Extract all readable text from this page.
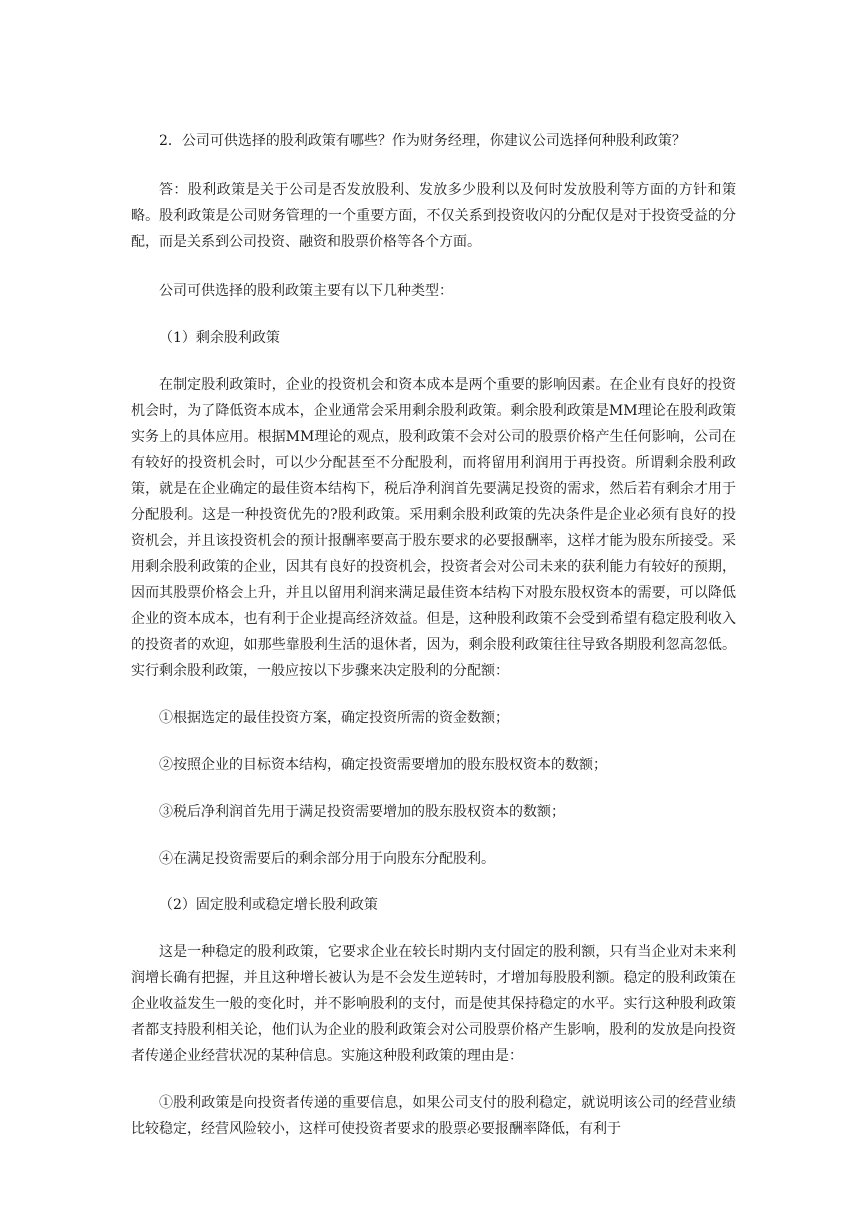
2．公司可供选择的股利政策有哪些？作为财务经理，你建议公司选择何种股利政策？

答：股利政策是关于公司是否发放股利、发放多少股利以及何时发放股利等方面的方针和策略。股利政策是公司财务管理的一个重要方面，不仅关系到投资收闪的分配仅是对于投资受益的分配，而是关系到公司投资、融资和股票价格等各个方面。

公司可供选择的股利政策主要有以下几种类型：

（1）剩余股利政策

在制定股利政策时，企业的投资机会和资本成本是两个重要的影响因素。在企业有良好的投资机会时，为了降低资本成本，企业通常会采用剩余股利政策。剩余股利政策是MM理论在股利政策实务上的具体应用。根据MM理论的观点，股利政策不会对公司的股票价格产生任何影响，公司在有较好的投资机会时，可以少分配甚至不分配股利，而将留用利润用于再投资。所谓剩余股利政策，就是在企业确定的最佳资本结构下，税后净利润首先要满足投资的需求，然后若有剩余才用于分配股利。这是一种投资优先的?股利政策。采用剩余股利政策的先决条件是企业必须有良好的投资机会，并且该投资机会的预计报酬率要高于股东要求的必要报酬率，这样才能为股东所接受。采用剩余股利政策的企业，因其有良好的投资机会，投资者会对公司未来的获利能力有较好的预期，因而其股票价格会上升，并且以留用利润来满足最佳资本结构下对股东股权资本的需要，可以降低企业的资本成本，也有利于企业提高经济效益。但是，这种股利政策不会受到希望有稳定股利收入的投资者的欢迎，如那些靠股利生活的退休者，因为，剩余股利政策往往导致各期股利忽高忽低。实行剩余股利政策，一般应按以下步骤来决定股利的分配额：

①根据选定的最佳投资方案，确定投资所需的资金数额；

②按照企业的目标资本结构，确定投资需要增加的股东股权资本的数额；

③税后净利润首先用于满足投资需要增加的股东股权资本的数额；

④在满足投资需要后的剩余部分用于向股东分配股利。

（2）固定股利或稳定增长股利政策

这是一种稳定的股利政策，它要求企业在较长时期内支付固定的股利额，只有当企业对未来利润增长确有把握，并且这种增长被认为是不会发生逆转时，才增加每股股利额。稳定的股利政策在企业收益发生一般的变化时，并不影响股利的支付，而是使其保持稳定的水平。实行这种股利政策者都支持股利相关论，他们认为企业的股利政策会对公司股票价格产生影响，股利的发放是向投资者传递企业经营状况的某种信息。实施这种股利政策的理由是：

①股利政策是向投资者传递的重要信息，如果公司支付的股利稳定，就说明该公司的经营业绩比较稳定，经营风险较小，这样可使投资者要求的股票必要报酬率降低，有利于
